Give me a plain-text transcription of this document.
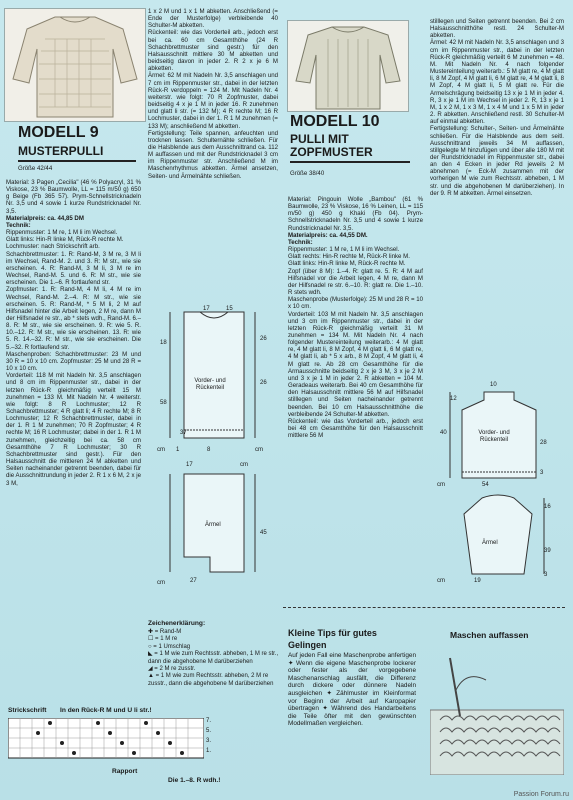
MODELL 9
MUSTERPULLI
Größe 42/44

Material: 3 Pagen „Cecilia" (46 % Polyacryl, 31 % Viskose, 23 % Baumwolle, LL = 115 m/50 g) 650 g Beige (Fb 365 57). Prym-Schnellstricknadeln Nr. 3,5 und 4 sowie 1 kurze Rundstricknadel Nr. 3,5.

Materialpreis: ca. 44,85 DM

Technik:

Rippenmuster: 1 M re, 1 M li im Wechsel.

Glatt links: Hin-R linke M, Rück-R rechte M.

Lochmuster: nach Strickschrift arb.

Schachbrettmuster: 1. R: Rand-M, 3 M re, 3 M li im Wechsel, Rand-M. 2. und 3. R: M str., wie sie erscheinen. 4. R: Rand-M, 3 M li, 3 M re im Wechsel, Rand-M. 5. und 6. R: M str., wie sie erscheinen. Die 1.–6. R fortlaufend str.

Zopfmuster: 1. R: Rand-M, 4 M li, 4 M re im Wechsel, Rand-M. 2.–4. R: M str., wie sie erscheinen. 5. R: Rand-M, * 5 M li, 2 M auf Hilfsnadel hinter die Arbeit legen, 2 M re, dann M der Hilfsnadel re str., ab * stets wdh., Rand-M. 6.–8. R: M str., wie sie erscheinen. 9. R: wie 5. R. 10.–12. R: M str., wie sie erscheinen. 13. R: wie 5. R. 14.–32. R: M str., wie sie erscheinen. Die 5.–32. R fortlaufend str.

Maschenproben: Schachbrettmuster: 23 M und 30 R = 10 x 10 cm. Zopfmuster: 25 M und 28 R = 10 x 10 cm.

Vorderteil: 118 M mit Nadeln Nr. 3,5 anschlagen und 8 cm im Rippenmuster str., dabei in der letzten Rück-R gleichmäßig verteilt 15 M zunehmen = 133 M. Mit Nadeln Nr. 4 weiterstr. wie folgt: 8 R Lochmuster; 12 R Schachbrettmuster; 4 R glatt li; 4 R rechte M; 8 R Lochmuster; 12 R Schachbrettmuster, dabei in der 1. R 1 M zunehmen; 70 R Zopfmuster; 4 R rechte M; 16 R Lochmuster; dabei in der 1. R 1 M zunehmen, gleichzeitig bei ca. 58 cm Gesamthöhe 7 R Lochmuster; 30 R Schachbrettmuster sind gestr.). Für den Halsausschnitt die mittleren 24 M abketten und Seiten nacheinander getrennt beenden, dabei für die Ausschnittrundung in jeder 2. R 1 x 6 M, 2 x je 3 M,

1 x 2 M und 1 x 1 M abketten. Anschließend (= Ende der Musterfolge) verbleibende 40 Schulter-M abketten.

Rückenteil: wie das Vorderteil arb., jedoch erst bei ca. 60 cm Gesamthöhe (24 R Schachbrettmuster sind gestr.) für den Halsausschnitt mittlere 30 M abketten und beidseitig davon in jeder 2. R 2 x je 6 M abketten.

Ärmel: 62 M mit Nadeln Nr. 3,5 anschlagen und 7 cm im Rippenmuster str., dabei in der letzten Rück-R verdoppeln = 124 M. Mit Nadeln Nr. 4 weiterstr. wie folgt: 70 R Zopfmuster, dabei beidseitig 4 x je 1 M in jeder 16. R zunehmen und glatt li str. (= 132 M); 4 R rechte M; 16 R Lochmuster, dabei in der 1. R 1 M zunehmen (= 133 M); anschließend M abketten.

Fertigstellung: Teile spannen, anfeuchten und trocknen lassen. Schulternähte schließen. Für die Halsblende aus dem Ausschnittrand ca. 112 M auffassen und mit der Rundstricknadel 3 cm im Rippenmuster str. Anschließend M im Maschenrhythmus abketten. Ärmel ansetzen, Seiten- und Ärmelnähte schließen.

Vorder- und Rückenteil
17
26
26
37
18
15
58
cm 1	8	cm
Ärmel
17
45
cm
27
cm
Zeichenerklärung:
✚ = Rand-M
☐ = 1 M re
○ = 1 Umschlag
◣ = 1 M wie zum Rechtsstr. abheben, 1 M re str., dann die abgehobene M darüberziehen
◢ = 2 M re zusstr.
▲ = 1 M wie zum Rechtsstr. abheben, 2 M re zusstr., dann die abgehobene M darüberziehen
Strickschrift In den Rück-R M und U li str.!
7.
5.
3.
1.
Rapport
Die 1.–8. R wdh.!
MODELL 10
PULLI MIT
ZOPFMUSTER
Größe 38/40

Material: Pingouin Wolle „Bambou" (61 % Baumwolle, 23 % Viskose, 16 % Leinen, LL = 115 m/50 g) 450 g Khaki (Fb 04). Prym-Schnellstricknadeln Nr. 3,5 und 4 sowie 1 kurze Rundstricknadel Nr. 3,5.

Materialpreis: ca. 44,55 DM.

Technik:

Rippenmuster: 1 M re, 1 M li im Wechsel.

Glatt rechts: Hin-R rechte M, Rück-R linke M.

Glatt links: Hin-R linke M, Rück-R rechte M.

Zopf (über 8 M): 1.–4. R: glatt re. 5. R: 4 M auf Hilfsnadel vor die Arbeit legen, 4 M re, dann M der Hilfsnadel re str. 6.–10. R: glatt re. Die 1.–10. R stets wdh.

Maschenprobe (Musterfolge): 25 M und 28 R = 10 x 10 cm.

Vorderteil: 103 M mit Nadeln Nr. 3,5 anschlagen und 3 cm im Rippenmuster str., dabei in der letzten Rück-R gleichmäßig verteilt 31 M zunehmen = 134 M. Mit Nadeln Nr. 4 nach folgender Mustereinteilung weiterarb.: 4 M glatt re, 4 M glatt li, 8 M Zopf, 4 M glatt li, 6 M glatt re, 4 M glatt li, ab * 5 x arb., 8 M Zopf, 4 M glatt li, 4 M glatt re. Ab 28 cm Gesamthöhe für die Armausschnitte beidseitig 2 x je 3 M, 3 x je 2 M und 3 x je 1 M in jeder 2. R abketten = 104 M. Geradeaus weiterarb. Bei 40 cm Gesamthöhe für den Halsausschnitt mittlere 56 M auf Hilfsnadel stilllegen und Seiten nacheinander getrennt beenden. Bei 10 cm Halsausschnitthöhe die verbleibende 24 Schulter-M abketten.

Rückenteil: wie das Vorderteil arb., jedoch erst bei 48 cm Gesamthöhe für den Halsausschnitt mittlere 56 M

stilllegen und Seiten getrennt beenden. Bei 2 cm Halsausschnitthöhe restl. 24 Schulter-M abketten.

Ärmel: 42 M mit Nadeln Nr. 3,5 anschlagen und 3 cm im Rippenmuster str., dabei in der letzten Rück-R gleichmäßig verteilt 6 M zunehmen = 48. M. Mit Nadeln Nr. 4 nach folgender Mustereinteilung weiterarb.: 5 M glatt re, 4 M glatt li, 8 M Zopf, 4 M glatt li, 6 M glatt re, 4 M glatt li, 8 M Zopf, 4 M glatt li, 5 M glatt re. Für die Armelschrägung beidseitig 13 x je 1 M in jeder 4. R, 3 x je 1 M im Wechsel in jeder 2. R, 13 x je 1 M, 1 x 2 M, 1 x 3 M, 1 x 4 M und 1 x 5 M in jeder 2. R abketten. Anschließend restl. 30 Schulter-M auf einmal abketten.

Fertigstellung: Schulter-, Seiten- und Ärmelnähte schließen. Für die Halsblende aus dem seitl. Ausschnittrand jeweils 34 M auffassen, stillgelegte M hinzufügen und über alle 180 M mit der Rundstricknadel im Rippenmuster str., dabei an den 4 Ecken in jeder Rd jeweils 2 M abnehmen (= Eck-M zusammen mit der vorherigen M wie zum Rechtsstr. abheben, 1 M str. und die abgehobenen M darüberziehen). In der 9. R M abketten. Ärmel einsetzen.

Vorder- und Rückenteil
10
12
40
28
3
54
cm
Ärmel
16
39
3
19
cm
Kleine Tips für gutes
Gelingen
Auf jeden Fall eine Maschenprobe anfertigen ✦ Wenn die eigene Maschenprobe lockerer oder fester als der vorgegebene Maschenanschlag ausfällt, die Differenz durch dickere oder dünnere Nadeln ausgleichen ✦ Zählmuster im Kleinformat vor Beginn der Arbeit auf Karopapier übertragen ✦ Während des Handarbeitens die Teile öfter mit den gewünschten Modellmaßen vergleichen.
Maschen auffassen
Passion Forum.ru
